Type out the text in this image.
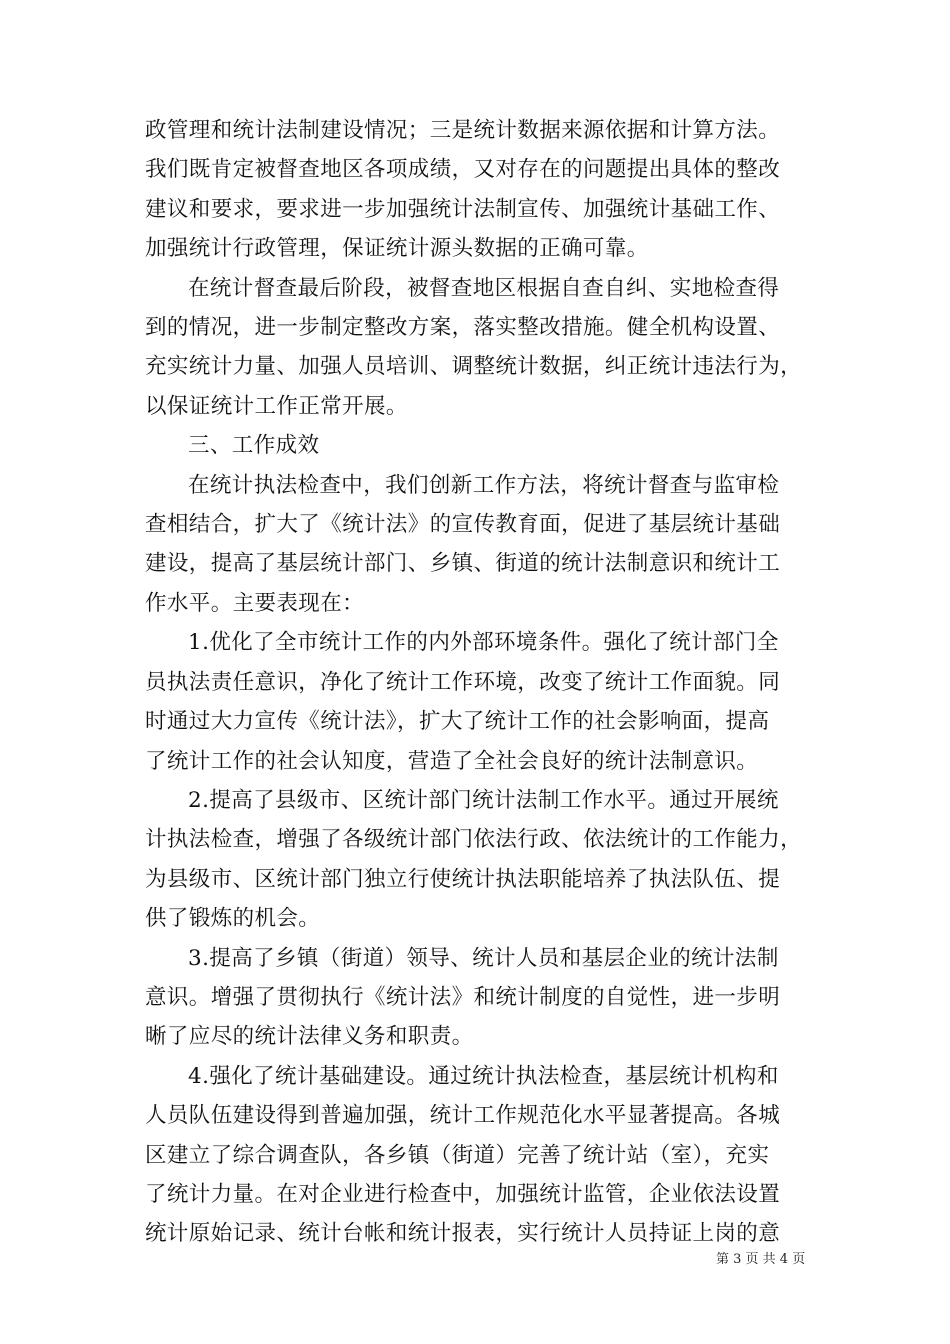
政管理和统计法制建设情况；三是统计数据来源依据和计算方法。
我们既肯定被督查地区各项成绩，又对存在的问题提出具体的整改
建议和要求，要求进一步加强统计法制宣传、加强统计基础工作、
加强统计行政管理，保证统计源头数据的正确可靠。
在统计督查最后阶段，被督查地区根据自查自纠、实地检查得
到的情况，进一步制定整改方案，落实整改措施。健全机构设置、
充实统计力量、加强人员培训、调整统计数据，纠正统计违法行为，
以保证统计工作正常开展。
三、工作成效
在统计执法检查中，我们创新工作方法，将统计督查与监审检
查相结合，扩大了《统计法》的宣传教育面，促进了基层统计基础
建设，提高了基层统计部门、乡镇、街道的统计法制意识和统计工
作水平。主要表现在：
1.优化了全市统计工作的内外部环境条件。强化了统计部门全
员执法责任意识，净化了统计工作环境，改变了统计工作面貌。同
时通过大力宣传《统计法》，扩大了统计工作的社会影响面，提高
了统计工作的社会认知度，营造了全社会良好的统计法制意识。
2.提高了县级市、区统计部门统计法制工作水平。通过开展统
计执法检查，增强了各级统计部门依法行政、依法统计的工作能力，
为县级市、区统计部门独立行使统计执法职能培养了执法队伍、提
供了锻炼的机会。
3.提高了乡镇（街道）领导、统计人员和基层企业的统计法制
意识。增强了贯彻执行《统计法》和统计制度的自觉性，进一步明
晰了应尽的统计法律义务和职责。
4.强化了统计基础建设。通过统计执法检查，基层统计机构和
人员队伍建设得到普遍加强，统计工作规范化水平显著提高。各城
区建立了综合调查队，各乡镇（街道）完善了统计站（室），充实
了统计力量。在对企业进行检查中，加强统计监管，企业依法设置
统计原始记录、统计台帐和统计报表，实行统计人员持证上岗的意
第 3 页 共 4 页
